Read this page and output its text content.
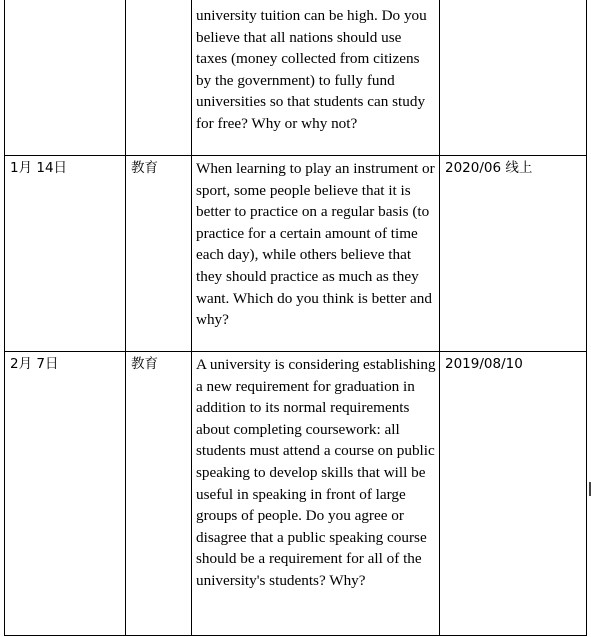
		university tuition can be high. Do you believe that all nations should use taxes (money collected from citizens by the government) to fully fund universities so that students can study for free? Why or why not?	
1月 14日	教育	When learning to play an instrument or sport, some people believe that it is better to practice on a regular basis (to practice for a certain amount of time each day), while others believe that they should practice as much as they want. Which do you think is better and why?	2020/06 线上
2月 7日	教育	A university is considering establishing a new requirement for graduation in addition to its normal requirements about completing coursework: all students must attend a course on public speaking to develop skills that will be useful in speaking in front of large groups of people. Do you agree or disagree that a public speaking course should be a requirement for all of the university's students? Why?	2019/08/10
